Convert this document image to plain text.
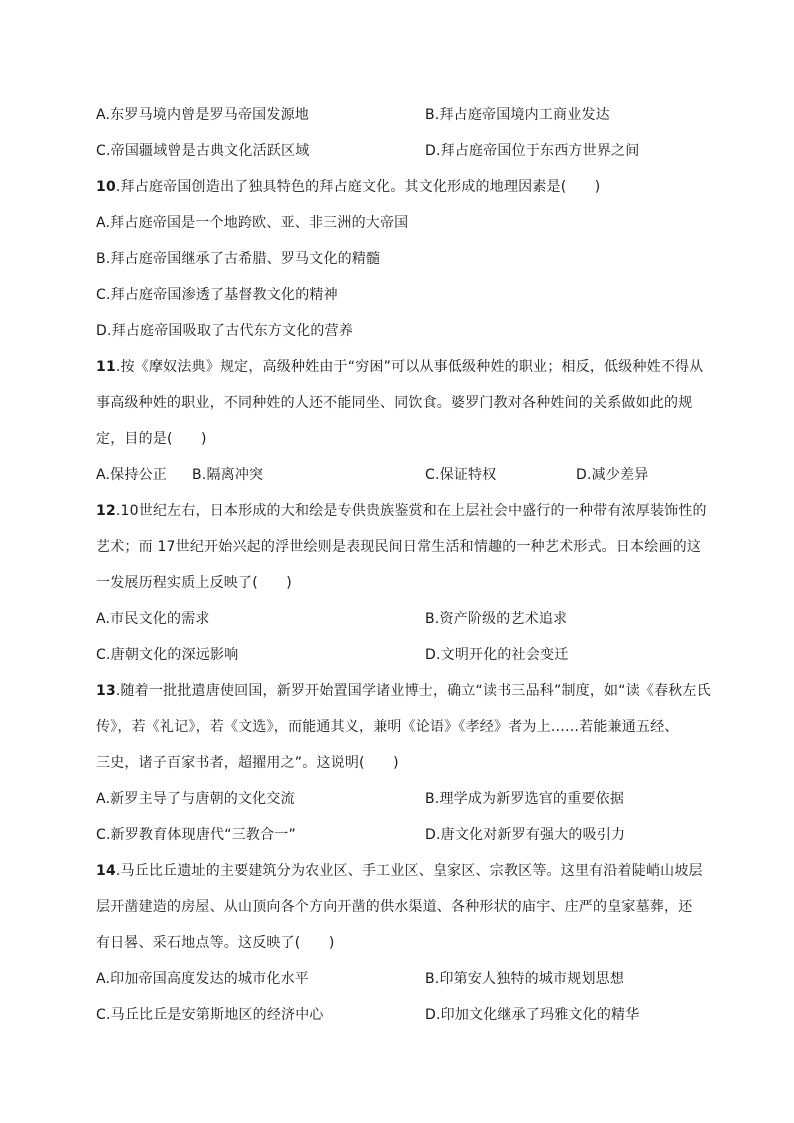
A.东罗马境内曾是罗马帝国发源地	B.拜占庭帝国境内工商业发达
C.帝国疆域曾是古典文化活跃区域	D.拜占庭帝国位于东西方世界之间
10.拜占庭帝国创造出了独具特色的拜占庭文化。其文化形成的地理因素是(　　)
A.拜占庭帝国是一个地跨欧、亚、非三洲的大帝国
B.拜占庭帝国继承了古希腊、罗马文化的精髓
C.拜占庭帝国渗透了基督教文化的精神
D.拜占庭帝国吸取了古代东方文化的营养
11.按《摩奴法典》规定，高级种姓由于“穷困”可以从事低级种姓的职业；相反，低级种姓不得从
事高级种姓的职业，不同种姓的人还不能同坐、同饮食。婆罗门教对各种姓间的关系做如此的规
定，目的是(　　)
A.保持公正 B.隔离冲突	C.保证特权	D.减少差异
12.10世纪左右，日本形成的大和绘是专供贵族鉴赏和在上层社会中盛行的一种带有浓厚装饰性的
艺术；而 17世纪开始兴起的浮世绘则是表现民间日常生活和情趣的一种艺术形式。日本绘画的这
一发展历程实质上反映了(　　)
A.市民文化的需求	B.资产阶级的艺术追求
C.唐朝文化的深远影响	D.文明开化的社会变迁
13.随着一批批遣唐使回国，新罗开始置国学诸业博士，确立“读书三品科”制度，如“读《春秋左氏
传》，若《礼记》，若《文选》，而能通其义，兼明《论语》《孝经》者为上……若能兼通五经、
三史，诸子百家书者，超擢用之”。这说明(　　)
A.新罗主导了与唐朝的文化交流	B.理学成为新罗选官的重要依据
C.新罗教育体现唐代“三教合一”	D.唐文化对新罗有强大的吸引力
14.马丘比丘遗址的主要建筑分为农业区、手工业区、皇家区、宗教区等。这里有沿着陡峭山坡层
层开凿建造的房屋、从山顶向各个方向开凿的供水渠道、各种形状的庙宇、庄严的皇家墓葬，还
有日晷、采石地点等。这反映了(　　)
A.印加帝国高度发达的城市化水平	B.印第安人独特的城市规划思想
C.马丘比丘是安第斯地区的经济中心	D.印加文化继承了玛雅文化的精华
